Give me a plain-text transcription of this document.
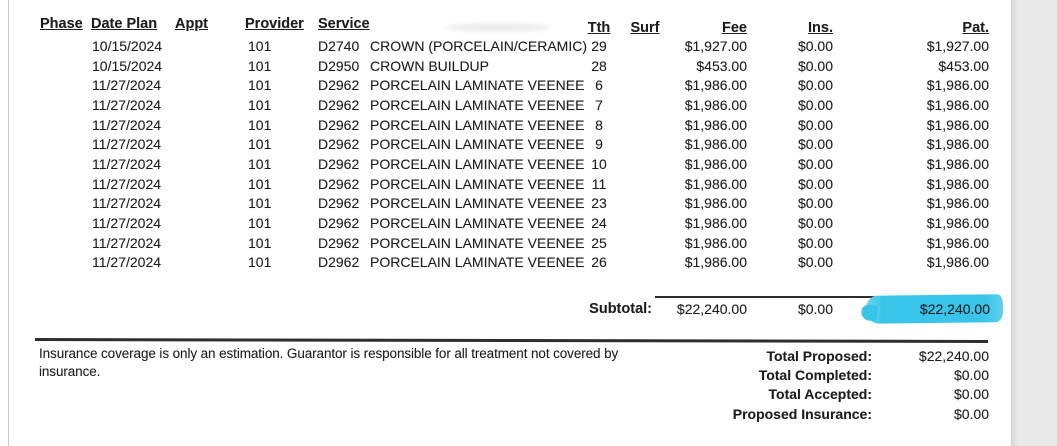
Phase	Date Plan	Appt	Provider	Service	Tth	Surf	Fee	Ins.	Pat.
	10/15/2024		101	D2740 CROWN (PORCELAIN/CERAMIC)	29		$1,927.00	$0.00	$1,927.00
	10/15/2024		101	D2950 CROWN BUILDUP	28		$453.00	$0.00	$453.00
	11/27/2024		101	D2962 PORCELAIN LAMINATE VEENEE	6		$1,986.00	$0.00	$1,986.00
	11/27/2024		101	D2962 PORCELAIN LAMINATE VEENEE	7		$1,986.00	$0.00	$1,986.00
	11/27/2024		101	D2962 PORCELAIN LAMINATE VEENEE	8		$1,986.00	$0.00	$1,986.00
	11/27/2024		101	D2962 PORCELAIN LAMINATE VEENEE	9		$1,986.00	$0.00	$1,986.00
	11/27/2024		101	D2962 PORCELAIN LAMINATE VEENEE	10		$1,986.00	$0.00	$1,986.00
	11/27/2024		101	D2962 PORCELAIN LAMINATE VEENEE	11		$1,986.00	$0.00	$1,986.00
	11/27/2024		101	D2962 PORCELAIN LAMINATE VEENEE	23		$1,986.00	$0.00	$1,986.00
	11/27/2024		101	D2962 PORCELAIN LAMINATE VEENEE	24		$1,986.00	$0.00	$1,986.00
	11/27/2024		101	D2962 PORCELAIN LAMINATE VEENEE	25		$1,986.00	$0.00	$1,986.00
	11/27/2024		101	D2962 PORCELAIN LAMINATE VEENEE	26		$1,986.00	$0.00	$1,986.00
Subtotal: $22,240.00	$0.00	$22,240.00
Insurance coverage is only an estimation. Guarantor is responsible for all treatment not covered by insurance.
Total Proposed:	$22,240.00
Total Completed:	$0.00
Total Accepted:	$0.00
Proposed Insurance:	$0.00
